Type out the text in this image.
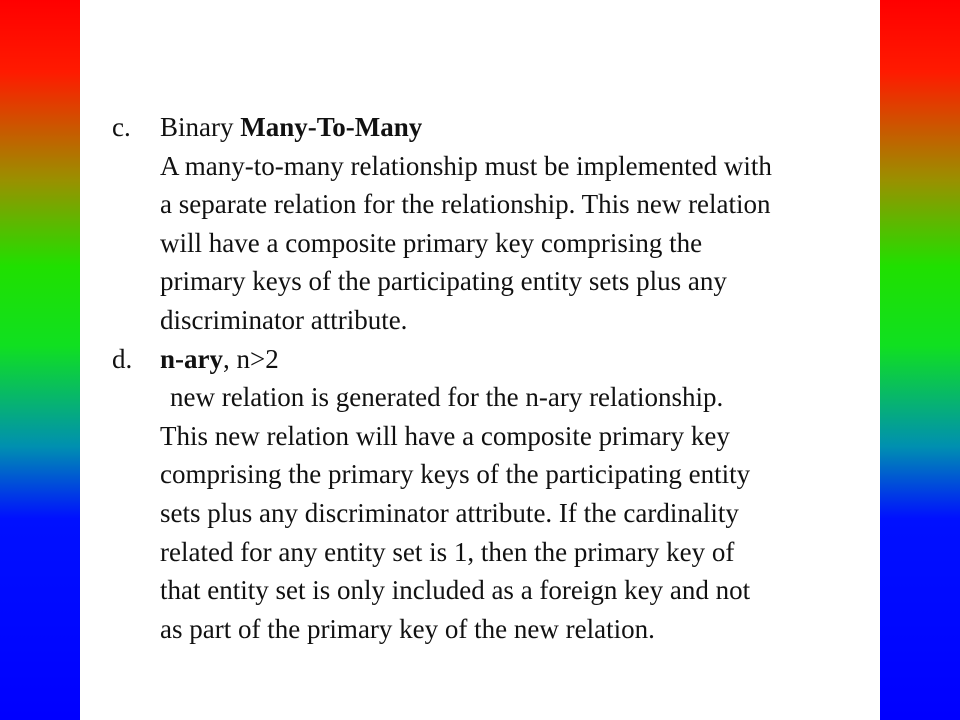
c. Binary Many-To-Many

A many-to-many relationship must be implemented with

a separate relation for the relationship. This new relation

will have a composite primary key comprising the

primary keys of the participating entity sets plus any

discriminator attribute.

d. n-ary, n>2

new relation is generated for the n-ary relationship.

This new relation will have a composite primary key

comprising the primary keys of the participating entity

sets plus any discriminator attribute. If the cardinality

related for any entity set is 1, then the primary key of

that entity set is only included as a foreign key and not

as part of the primary key of the new relation.
